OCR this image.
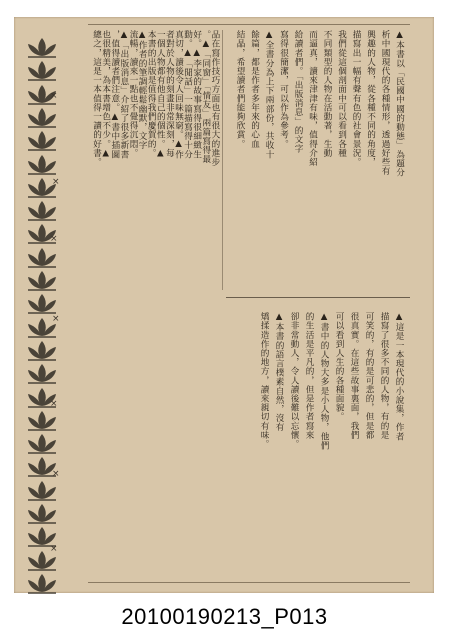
▲本書以「民國中國的動態」為題分
析中國現代的各種情形，透過好些有
興趣的人物，從各種不同的角度，
描寫出一幅有聲有色的社會景況。
我們從這個剖面中可以看到各種
不同類型的人物在活動著，生動
而逼真，讀來津津有味，值得介紹
給讀者們。「出版消息」的文字
寫得很簡潔，可以作為參考。
▲全書分為上下兩部份，共收十
餘篇，都是作者多年來的心血
結晶，希望讀者們能夠欣賞。
▲這是一本現代的小說集，作者
描寫了很多不同的人物，有的是
可笑的，有的是可悲的，但是都
很真實。在這些故事裏面，我們
可以看到人生的各種面貌。
▲書中的人物大多是小人物，他們
的生活是平凡的，但是作者寫來
卻非常動人，令人讀後難以忘懷。
▲本書的語言樸素自然，沒有
矯揉造作的地方，讀來親切有味。
品在寫作技巧方面也有很大的進步
。▲「同窗」「情友」兩篇寫得最
好。▲李家的故事寫得很細緻生
動。▲「閒話」一篇描寫得十分
真切，讀後令人回味無窮。▲作
者對於人物的刻畫非常深刻，每
一個人物都有他自己的個性。▲
本書的出版是值得我們慶賀的。
▲作者的筆調輕鬆幽默，文字
流暢，讀來一點也不覺得沉悶。
▲「出版消息」介紹了很多新書
，值得讀者們注意。▲書中插圖
也很精美，為本書增色不少。▲
總之，這是一本值得一讀的好書。
20100190213_P013
×
×
×
×
×
×
×
